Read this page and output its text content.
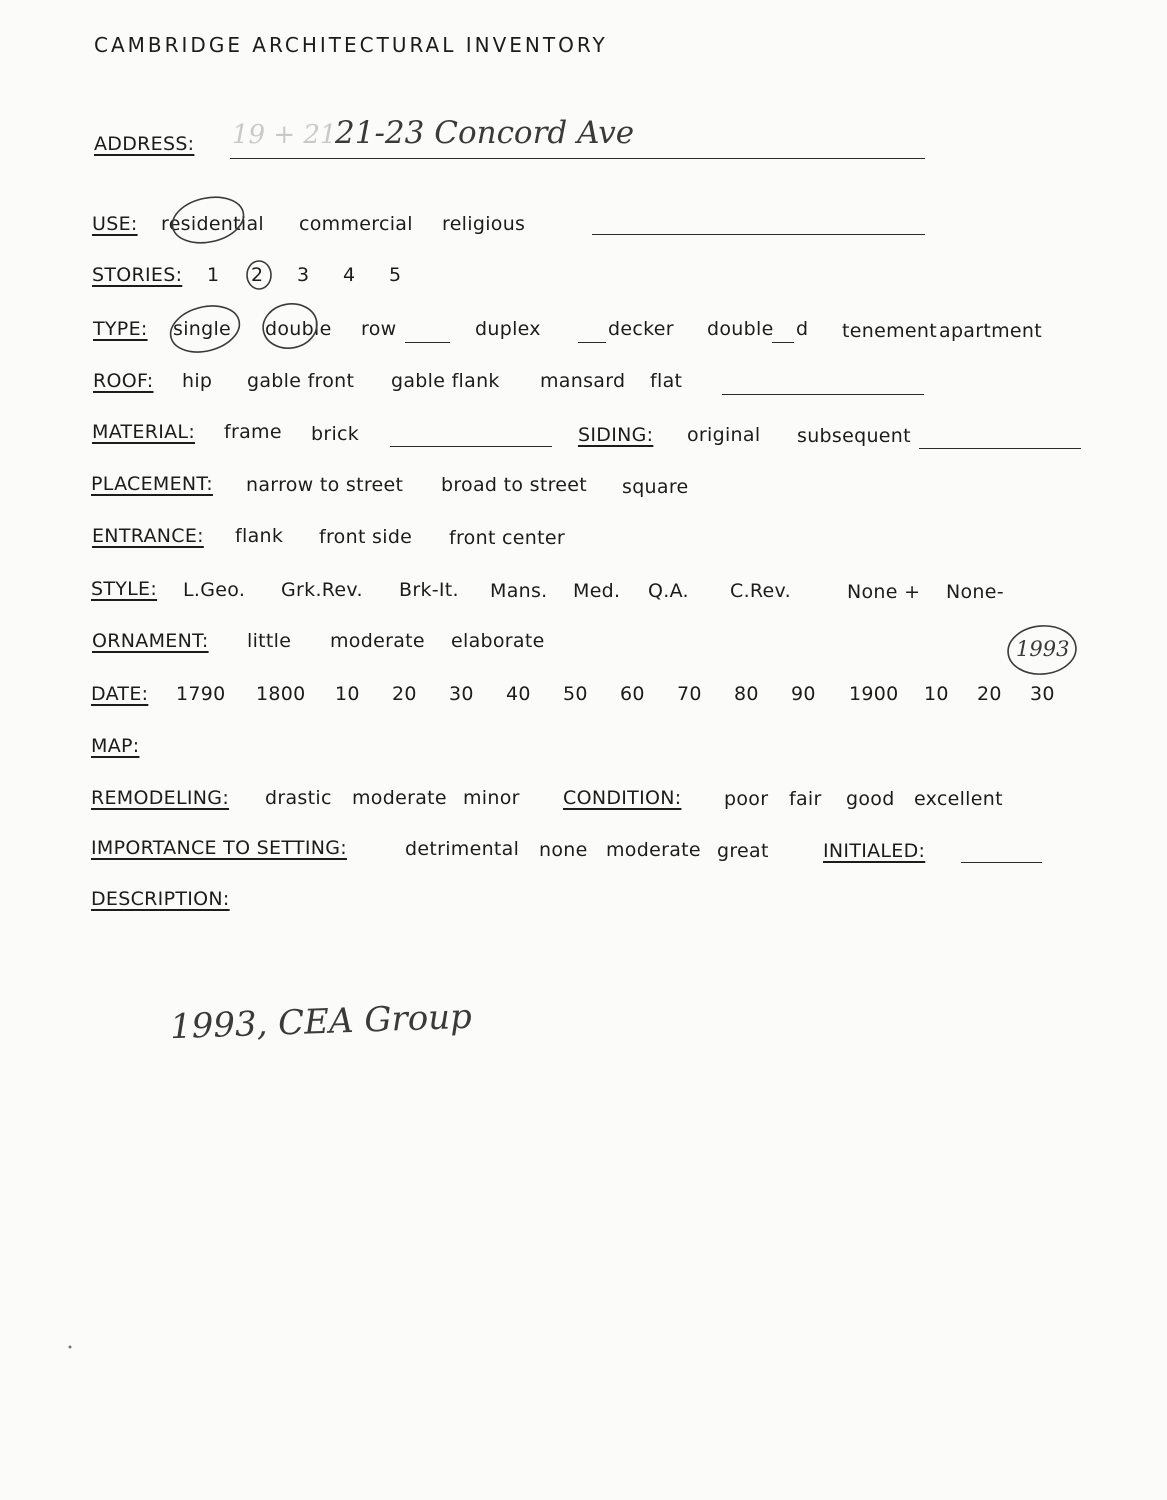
CAMBRIDGE ARCHITECTURAL INVENTORY
ADDRESS: 19 + 21
21-23 Concord Ave
USE: residential commercial religious
STORIES: 1 2 3 4 5
TYPE: single double row	duplex	decker double d tenement apartment
ROOF: hip gable front gable flank mansard flat
MATERIAL: frame brick	SIDING: original subsequent
PLACEMENT: narrow to street broad to street square
ENTRANCE: flank front side front center
STYLE: L.Geo. Grk.Rev. Brk-It. Mans. Med. Q.A. C.Rev.	None + None-
ORNAMENT: little moderate elaborate
DATE: 1790 1800 10 20 30 40 50 60 70 80 90 1900 10 20 30
1993
MAP:
REMODELING: drastic moderate minor CONDITION: poor fair good excellent
IMPORTANCE TO SETTING:	detrimental none moderate great	INITIALED:
DESCRIPTION:
1993, CEA Group
